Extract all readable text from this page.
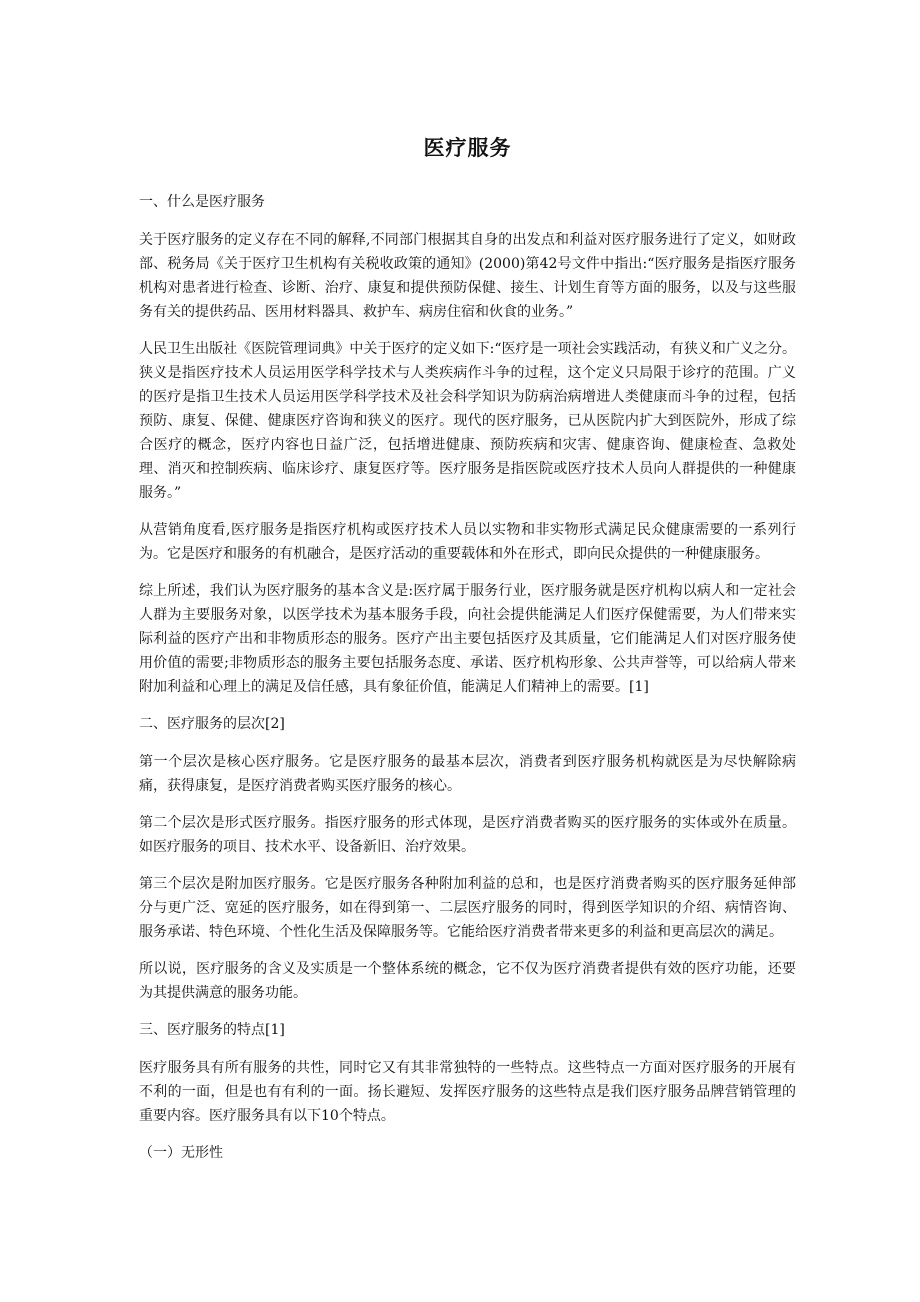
医疗服务
一、什么是医疗服务

关于医疗服务的定义存在不同的解释,不同部门根据其自身的出发点和利益对医疗服务进行了定义，如财政部、税务局《关于医疗卫生机构有关税收政策的通知》(2000)第42号文件中指出:“医疗服务是指医疗服务机构对患者进行检查、诊断、治疗、康复和提供预防保健、接生、计划生育等方面的服务，以及与这些服务有关的提供药品、医用材料器具、救护车、病房住宿和伙食的业务。”

人民卫生出版社《医院管理词典》中关于医疗的定义如下:“医疗是一项社会实践活动，有狭义和广义之分。狭义是指医疗技术人员运用医学科学技术与人类疾病作斗争的过程，这个定义只局限于诊疗的范围。广义的医疗是指卫生技术人员运用医学科学技术及社会科学知识为防病治病增进人类健康而斗争的过程，包括预防、康复、保健、健康医疗咨询和狭义的医疗。现代的医疗服务，已从医院内扩大到医院外，形成了综合医疗的概念，医疗内容也日益广泛，包括增进健康、预防疾病和灾害、健康咨询、健康检查、急救处理、消灭和控制疾病、临床诊疗、康复医疗等。医疗服务是指医院或医疗技术人员向人群提供的一种健康服务。”

从营销角度看,医疗服务是指医疗机构或医疗技术人员以实物和非实物形式满足民众健康需要的一系列行为。它是医疗和服务的有机融合，是医疗活动的重要载体和外在形式，即向民众提供的一种健康服务。

综上所述，我们认为医疗服务的基本含义是:医疗属于服务行业，医疗服务就是医疗机构以病人和一定社会人群为主要服务对象，以医学技术为基本服务手段，向社会提供能满足人们医疗保健需要，为人们带来实际利益的医疗产出和非物质形态的服务。医疗产出主要包括医疗及其质量，它们能满足人们对医疗服务使用价值的需要;非物质形态的服务主要包括服务态度、承诺、医疗机构形象、公共声誉等，可以给病人带来附加利益和心理上的满足及信任感，具有象征价值，能满足人们精神上的需要。[1]

二、医疗服务的层次[2]

第一个层次是核心医疗服务。它是医疗服务的最基本层次，消费者到医疗服务机构就医是为尽快解除病痛，获得康复，是医疗消费者购买医疗服务的核心。

第二个层次是形式医疗服务。指医疗服务的形式体现，是医疗消费者购买的医疗服务的实体或外在质量。如医疗服务的项目、技术水平、设备新旧、治疗效果。

第三个层次是附加医疗服务。它是医疗服务各种附加利益的总和，也是医疗消费者购买的医疗服务延伸部分与更广泛、宽延的医疗服务，如在得到第一、二层医疗服务的同时，得到医学知识的介绍、病情咨询、服务承诺、特色环境、个性化生活及保障服务等。它能给医疗消费者带来更多的利益和更高层次的满足。

所以说，医疗服务的含义及实质是一个整体系统的概念，它不仅为医疗消费者提供有效的医疗功能，还要为其提供满意的服务功能。

三、医疗服务的特点[1]

医疗服务具有所有服务的共性，同时它又有其非常独特的一些特点。这些特点一方面对医疗服务的开展有不利的一面，但是也有有利的一面。扬长避短、发挥医疗服务的这些特点是我们医疗服务品牌营销管理的重要内容。医疗服务具有以下10个特点。

（一）无形性
